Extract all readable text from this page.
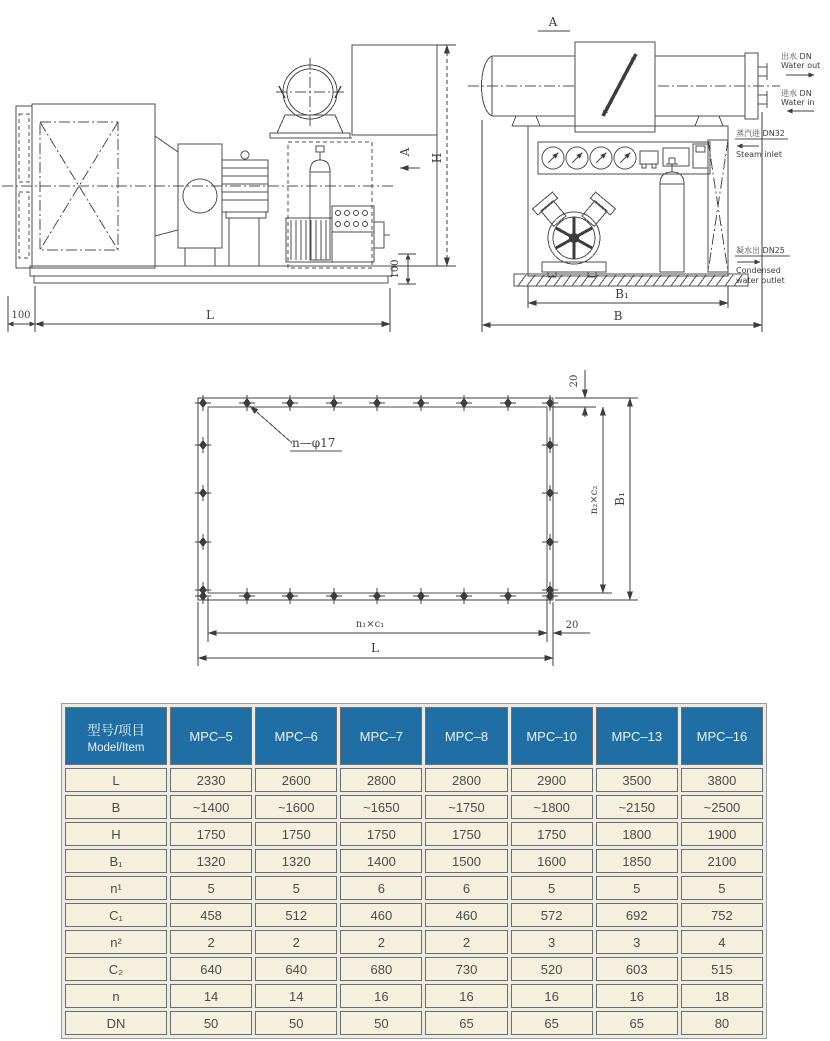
H
A
100
100	L
A
B₁
B
出水 DN
Water out
进水 DN
Water in
蒸汽进 DN32
Steam inlet
凝水出 DN25
Condensed
water outlet
n—φ17
20
n₂×c₂ B₁
n₁×c₁
L
20
型号/项目
Model/Item	MPC–5	MPC–6	MPC–7	MPC–8	MPC–10	MPC–13	MPC–16
L	2330	2600	2800	2800	2900	3500	3800
B	~1400	~1600	~1650	~1750	~1800	~2150	~2500
H	1750	1750	1750	1750	1750	1800	1900
B₁	1320	1320	1400	1500	1600	1850	2100
n¹	5	5	6	6	5	5	5
C₁	458	512	460	460	572	692	752
n²	2	2	2	2	3	3	4
C₂	640	640	680	730	520	603	515
n	14	14	16	16	16	16	18
DN	50	50	50	65	65	65	80
